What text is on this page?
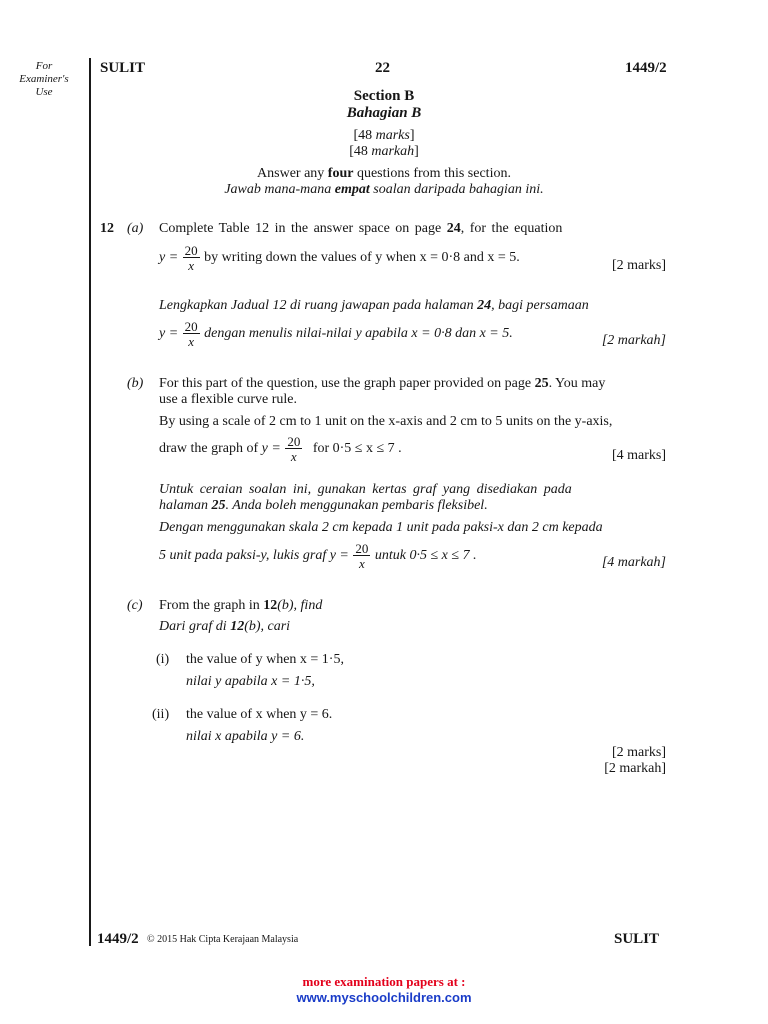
For
Examiner's
Use
SULIT	22	1449/2
Section B
Bahagian B
[48 marks]
[48 markah]
Answer any four questions from this section.
Jawab mana-mana empat soalan daripada bahagian ini.
12 (a) Complete Table 12 in the answer space on page 24, for the equation
$y = \frac{20}{x}$ by writing down the values of y when x = 0·8 and x = 5.
[2 marks]
Lengkapkan Jadual 12 di ruang jawapan pada halaman 24, bagi persamaan
$y = \frac{20}{x}$ dengan menulis nilai-nilai y apabila x = 0·8 dan x = 5.	[2 markah]
(b) For this part of the question, use the graph paper provided on page 25. You may
use a flexible curve rule.
By using a scale of 2 cm to 1 unit on the x-axis and 2 cm to 5 units on the y-axis,
draw the graph of $y = \frac{20}{x}$ for 0·5 ≤ x ≤ 7 .	[4 marks]
Untuk ceraian soalan ini, gunakan kertas graf yang disediakan pada
halaman 25. Anda boleh menggunakan pembaris fleksibel.
Dengan menggunakan skala 2 cm kepada 1 unit pada paksi-x dan 2 cm kepada
5 unit pada paksi-y, lukis graf $y = \frac{20}{x}$ untuk 0·5 ≤ x ≤ 7 .	[4 markah]
(c) From the graph in 12(b), find
Dari graf di 12(b), cari
(i) the value of y when x = 1·5,
nilai y apabila x = 1·5,
(ii) the value of x when y = 6.
nilai x apabila y = 6.
[2 marks]
[2 markah]
1449/2 © 2015 Hak Cipta Kerajaan Malaysia	SULIT
more examination papers at :
www.myschoolchildren.com
